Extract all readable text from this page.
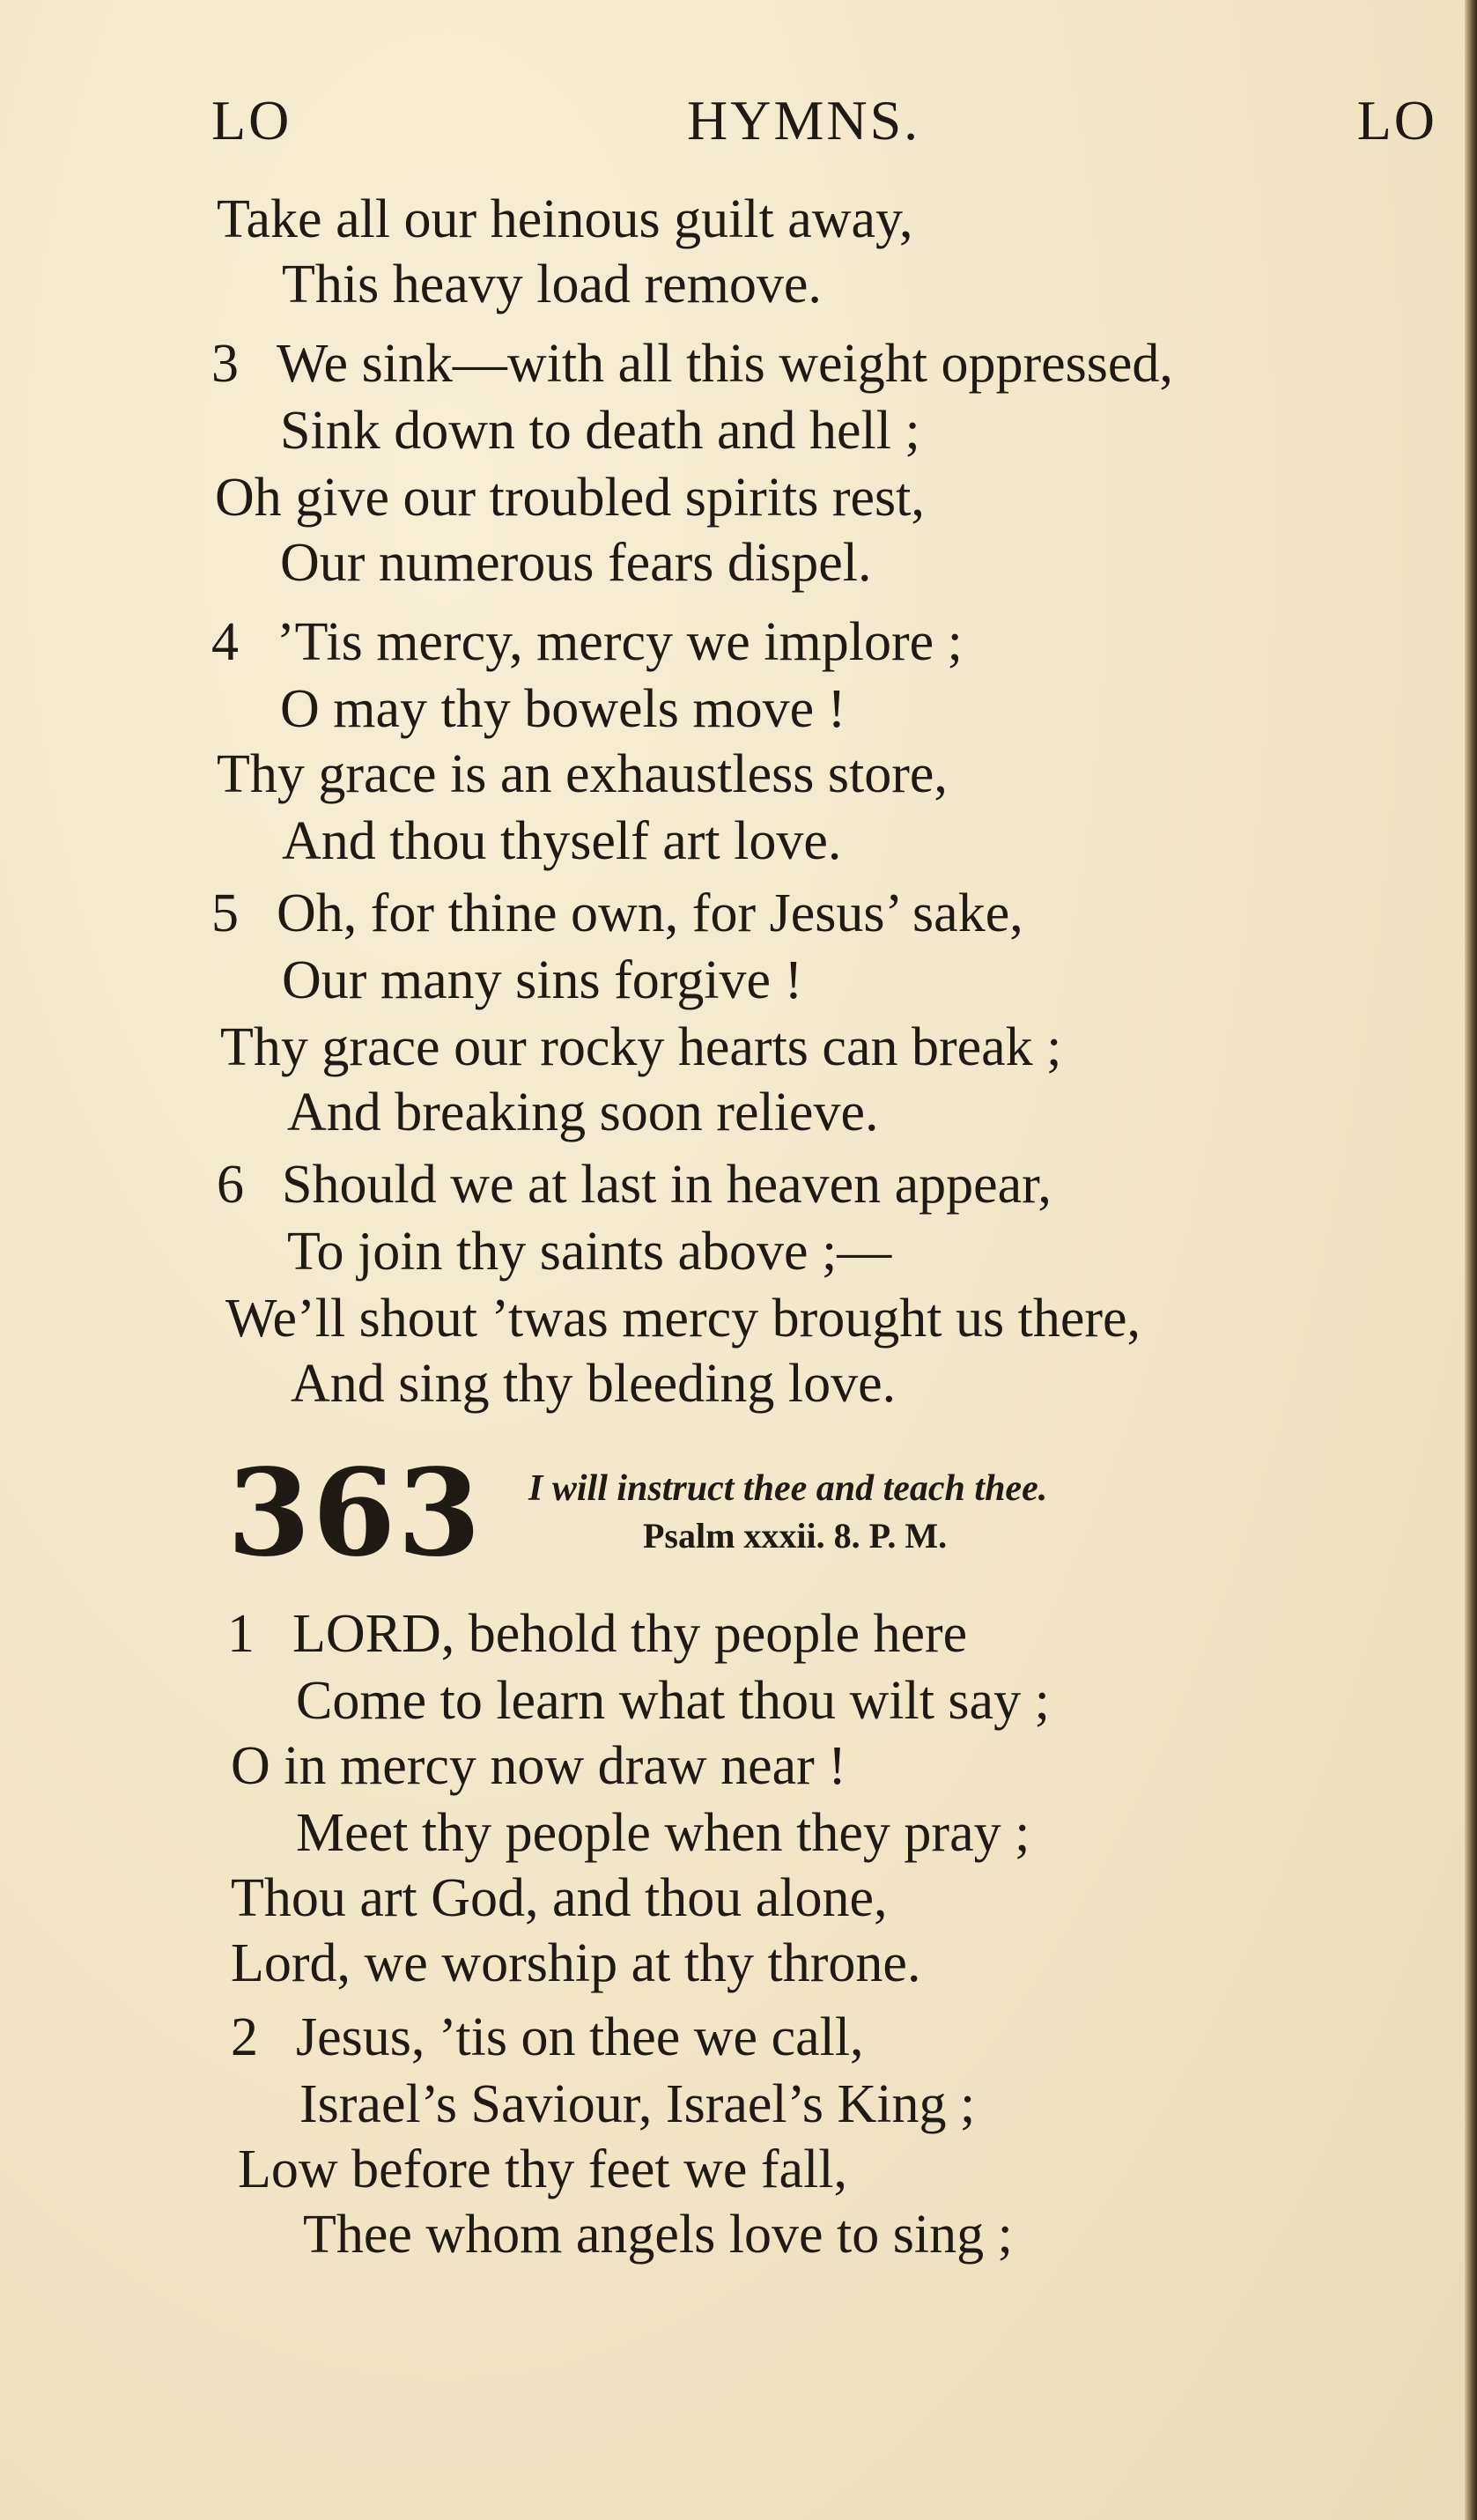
LO	HYMNS.	LO
Take all our heinous guilt away,
This heavy load remove.
3 We sink—with all this weight oppressed,
Sink down to death and hell ;
Oh give our troubled spirits rest,
Our numerous fears dispel.
4 ’Tis mercy, mercy we implore ;
O may thy bowels move !
Thy grace is an exhaustless store,
And thou thyself art love.
5 Oh, for thine own, for Jesus’ sake,
Our many sins forgive !
Thy grace our rocky hearts can break ;
And breaking soon relieve.
6 Should we at last in heaven appear,
To join thy saints above ;—
We’ll shout ’twas mercy brought us there,
And sing thy bleeding love.
363 I will instruct thee and teach thee.
Psalm xxxii. 8. P. M.
1 LORD, behold thy people here
Come to learn what thou wilt say ;
O in mercy now draw near !
Meet thy people when they pray ;
Thou art God, and thou alone,
Lord, we worship at thy throne.
2 Jesus, ’tis on thee we call,
Israel’s Saviour, Israel’s King ;
Low before thy feet we fall,
Thee whom angels love to sing ;
